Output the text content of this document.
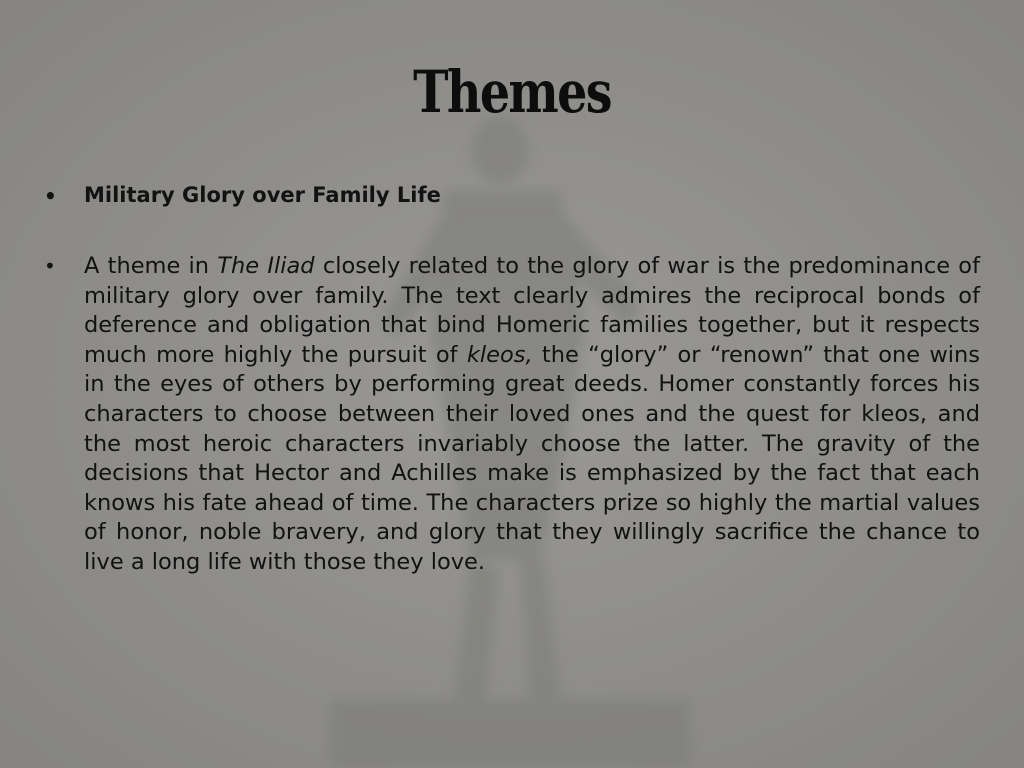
Themes
• Military Glory over Family Life
• A theme in The Iliad closely related to the glory of war is the predominance of military glory over family. The text clearly admires the reciprocal bonds of deference and obligation that bind Homeric families together, but it respects much more highly the pursuit of kleos, the “glory” or “renown” that one wins in the eyes of others by performing great deeds. Homer constantly forces his characters to choose between their loved ones and the quest for kleos, and the most heroic characters invariably choose the latter. The gravity of the decisions that Hector and Achilles make is emphasized by the fact that each knows his fate ahead of time. The characters prize so highly the martial values of honor, noble bravery, and glory that they willingly sacrifice the chance to live a long life with those they love.
